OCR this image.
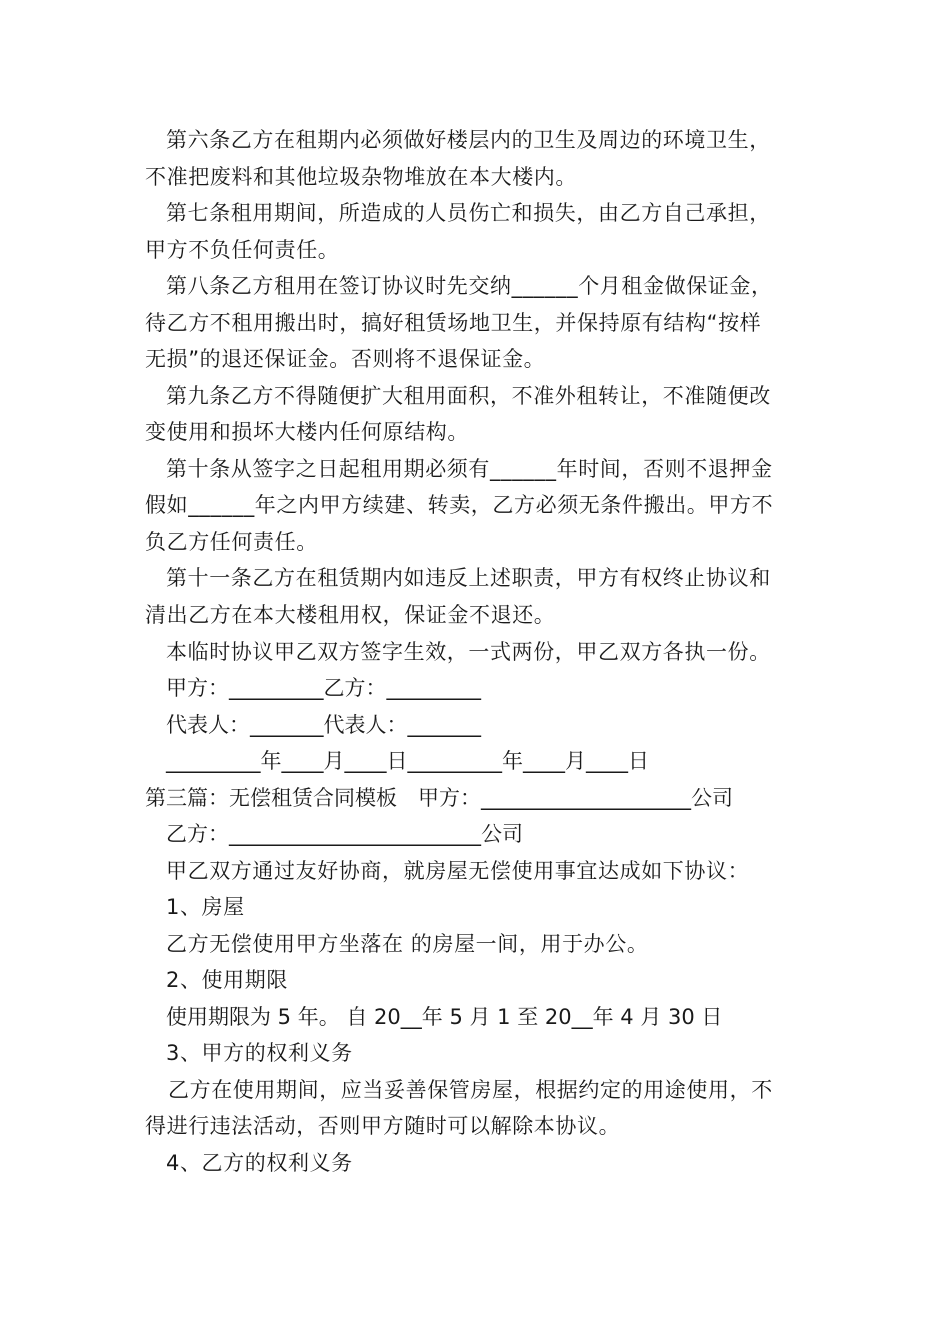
第六条乙方在租期内必须做好楼层内的卫生及周边的环境卫生，
不准把废料和其他垃圾杂物堆放在本大楼内。
第七条租用期间，所造成的人员伤亡和损失，由乙方自己承担，
甲方不负任何责任。
第八条乙方租用在签订协议时先交纳______个月租金做保证金，
待乙方不租用搬出时，搞好租赁场地卫生，并保持原有结构“按样
无损”的退还保证金。否则将不退保证金。
第九条乙方不得随便扩大租用面积，不准外租转让，不准随便改
变使用和损坏大楼内任何原结构。
第十条从签字之日起租用期必须有______年时间，否则不退押金
假如______年之内甲方续建、转卖，乙方必须无条件搬出。甲方不
负乙方任何责任。
第十一条乙方在租赁期内如违反上述职责，甲方有权终止协议和
清出乙方在本大楼租用权，保证金不退还。
本临时协议甲乙双方签字生效，一式两份，甲乙双方各执一份。
甲方：_________乙方：_________
代表人：_______代表人：_______
_________年____月____日_________年____月____日
第三篇：无偿租赁合同模板　甲方：____________________公司
乙方：________________________公司
甲乙双方通过友好协商，就房屋无偿使用事宜达成如下协议：
1、房屋
乙方无偿使用甲方坐落在 的房屋一间，用于办公。
2、使用期限
使用期限为 5 年。 自 20__年 5 月 1 至 20__年 4 月 30 日
3、甲方的权利义务
乙方在使用期间，应当妥善保管房屋，根据约定的用途使用，不
得进行违法活动，否则甲方随时可以解除本协议。
4、乙方的权利义务
